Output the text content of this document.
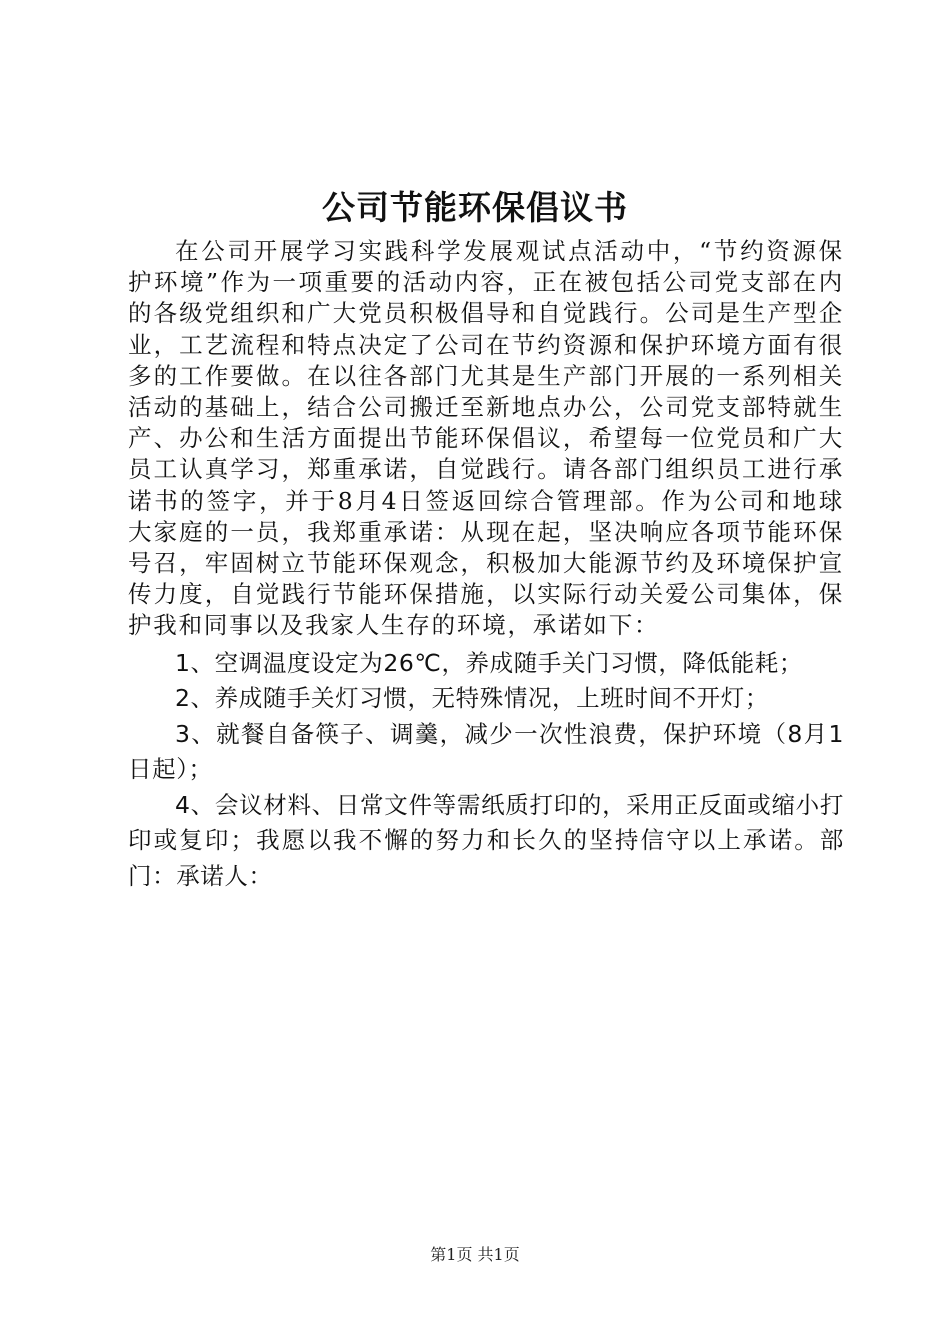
公司节能环保倡议书

在公司开展学习实践科学发展观试点活动中，“节约资源保护环境”作为一项重要的活动内容，正在被包括公司党支部在内的各级党组织和广大党员积极倡导和自觉践行。公司是生产型企业，工艺流程和特点决定了公司在节约资源和保护环境方面有很多的工作要做。在以往各部门尤其是生产部门开展的一系列相关活动的基础上，结合公司搬迁至新地点办公，公司党支部特就生产、办公和生活方面提出节能环保倡议，希望每一位党员和广大员工认真学习，郑重承诺，自觉践行。请各部门组织员工进行承诺书的签字，并于8月4日签返回综合管理部。作为公司和地球大家庭的一员，我郑重承诺：从现在起，坚决响应各项节能环保号召，牢固树立节能环保观念，积极加大能源节约及环境保护宣传力度，自觉践行节能环保措施，以实际行动关爱公司集体，保护我和同事以及我家人生存的环境，承诺如下：

1、空调温度设定为26℃，养成随手关门习惯，降低能耗；

2、养成随手关灯习惯，无特殊情况，上班时间不开灯；

3、就餐自备筷子、调羹，减少一次性浪费，保护环境（8月1日起）；

4、会议材料、日常文件等需纸质打印的，采用正反面或缩小打印或复印；我愿以我不懈的努力和长久的坚持信守以上承诺。部门：承诺人：

第1页 共1页
